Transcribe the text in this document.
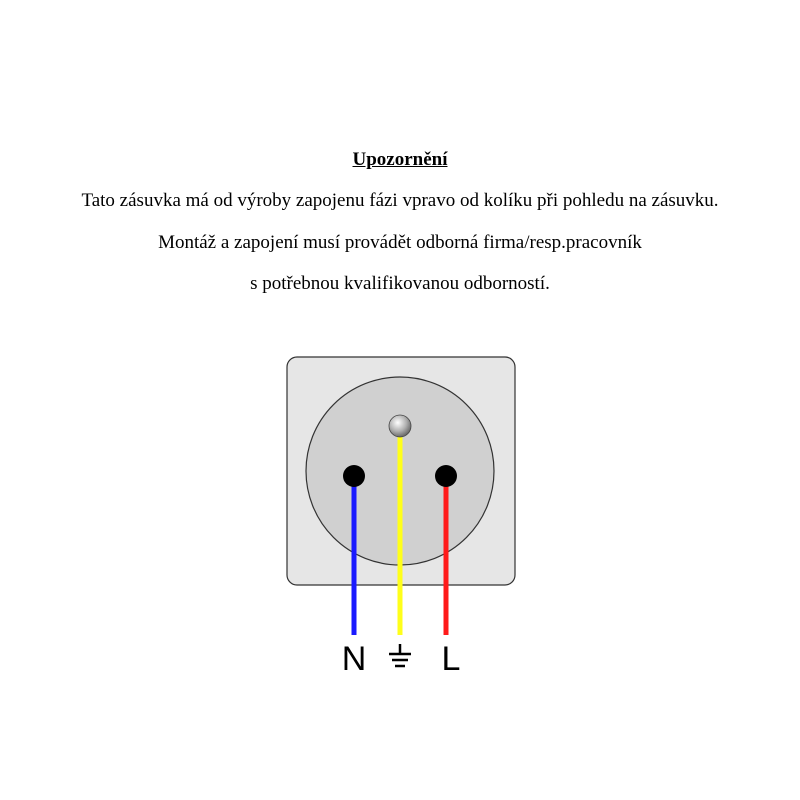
Upozornění
Tato zásuvka má od výroby zapojenu fázi vpravo od kolíku při pohledu na zásuvku.
Montáž a zapojení musí provádět odborná firma/resp.pracovník
s potřebnou kvalifikovanou odborností.
N L
